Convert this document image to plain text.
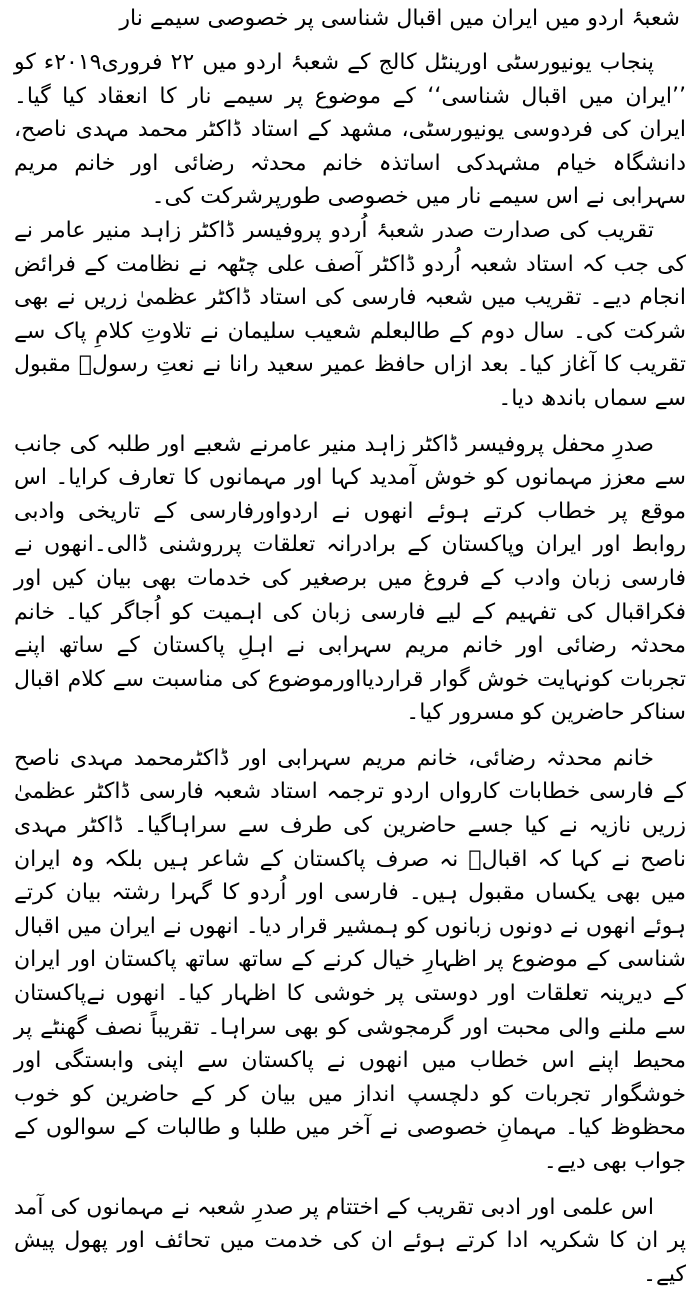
شعبۂ اردو میں ایران میں اقبال شناسی پر خصوصی سیمے نار

پنجاب یونیورسٹی اورینٹل کالج کے شعبۂ اردو میں ۲۲ فروری۲۰۱۹ء کو ’’ایران میں اقبال شناسی‘‘ کے موضوع پر سیمے نار کا انعقاد کیا گیا۔ ایران کی فردوسی یونیورسٹی، مشھد کے استاد ڈاکٹر محمد مہدی ناصح، دانشگاہ خیام مشہدکی اساتذہ خانم محدثہ رضائی اور خانم مریم سہرابی نے اس سیمے نار میں خصوصی طورپرشرکت کی۔

تقریب کی صدارت صدر شعبۂ اُردو پروفیسر ڈاکٹر زاہد منیر عامر نے کی جب کہ استاد شعبہ اُردو ڈاکٹر آصف علی چٹھہ نے نظامت کے فرائض انجام دیے۔ تقریب میں شعبہ فارسی کی استاد ڈاکٹر عظمیٰ زریں نے بھی شرکت کی۔ سال دوم کے طالبعلم شعیب سلیمان نے تلاوتِ کلامِ پاک سے تقریب کا آغاز کیا۔ بعد ازاں حافظ عمیر سعید رانا نے نعتِ رسولؐ مقبول سے سماں باندھ دیا۔

صدرِ محفل پروفیسر ڈاکٹر زاہد منیر عامرنے شعبے اور طلبہ کی جانب سے معزز مہمانوں کو خوش آمدید کہا اور مہمانوں کا تعارف کرایا۔ اس موقع پر خطاب کرتے ہوئے انھوں نے اردواورفارسی کے تاریخی وادبی روابط اور ایران وپاکستان کے برادرانہ تعلقات پرروشنی ڈالی۔انھوں نے فارسی زبان وادب کے فروغ میں برصغیر کی خدمات بھی بیان کیں اور فکراقبال کی تفہیم کے لیے فارسی زبان کی اہمیت کو اُجاگر کیا۔ خانم محدثہ رضائی اور خانم مریم سہرابی نے اہلِ پاکستان کے ساتھ اپنے تجربات کونہایت خوش گوار قراردیااورموضوع کی مناسبت سے کلام اقبال سناکر حاضرین کو مسرور کیا۔

خانم محدثہ رضائی، خانم مریم سہرابی اور ڈاکٹرمحمد مہدی ناصح کے فارسی خطابات کارواں اردو ترجمہ استاد شعبہ فارسی ڈاکٹر عظمیٰ زریں نازیہ نے کیا جسے حاضرین کی طرف سے سراہاگیا۔ ڈاکٹر مہدی ناصح نے کہا کہ اقبالؒ نہ صرف پاکستان کے شاعر ہیں بلکہ وہ ایران میں بھی یکساں مقبول ہیں۔ فارسی اور اُردو کا گہرا رشتہ بیان کرتے ہوئے انھوں نے دونوں زبانوں کو ہمشیر قرار دیا۔ انھوں نے ایران میں اقبال شناسی کے موضوع پر اظہارِ خیال کرنے کے ساتھ ساتھ پاکستان اور ایران کے دیرینہ تعلقات اور دوستی پر خوشی کا اظہار کیا۔ انھوں نےپاکستان سے ملنے والی محبت اور گرمجوشی کو بھی سراہا۔ تقریباً نصف گھنٹے پر محیط اپنے اس خطاب میں انھوں نے پاکستان سے اپنی وابستگی اور خوشگوار تجربات کو دلچسپ انداز میں بیان کر کے حاضرین کو خوب محظوظ کیا۔ مہمانِ خصوصی نے آخر میں طلبا و طالبات کے سوالوں کے جواب بھی دیے۔

اس علمی اور ادبی تقریب کے اختتام پر صدرِ شعبہ نے مہمانوں کی آمد پر ان کا شکریہ ادا کرتے ہوئے ان کی خدمت میں تحائف اور پھول پیش کیے۔
